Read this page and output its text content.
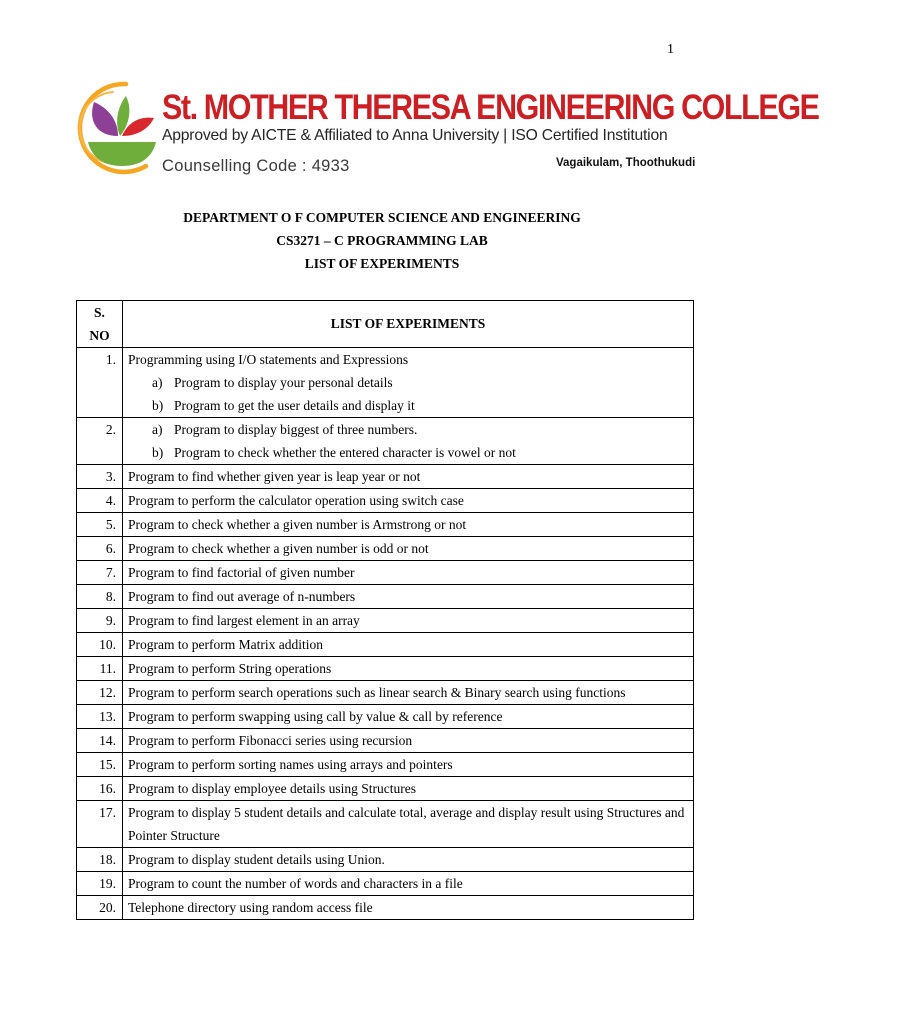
1
St. MOTHER THERESA ENGINEERING COLLEGE
Approved by AICTE & Affiliated to Anna University | ISO Certified Institution
Counselling Code : 4933	Vagaikulam, Thoothukudi
DEPARTMENT O F COMPUTER SCIENCE AND ENGINEERING
CS3271 – C PROGRAMMING LAB
LIST OF EXPERIMENTS
S.
NO	LIST OF EXPERIMENTS
1.	Programming using I/O statements and Expressions
a) Program to display your personal details
b) Program to get the user details and display it

2.	a) Program to display biggest of three numbers.
b) Program to check whether the entered character is vowel or not

3.	Program to find whether given year is leap year or not

4.	Program to perform the calculator operation using switch case

5.	Program to check whether a given number is Armstrong or not

6.	Program to check whether a given number is odd or not

7.	Program to find factorial of given number

8.	Program to find out average of n-numbers

9.	Program to find largest element in an array

10.	Program to perform Matrix addition

11.	Program to perform String operations

12.	Program to perform search operations such as linear search & Binary search using functions

13.	Program to perform swapping using call by value & call by reference

14.	Program to perform Fibonacci series using recursion

15.	Program to perform sorting names using arrays and pointers

16.	Program to display employee details using Structures

17.	Program to display 5 student details and calculate total, average and display result using Structures and Pointer Structure

18.	Program to display student details using Union.

19.	Program to count the number of words and characters in a file

20.	Telephone directory using random access file
